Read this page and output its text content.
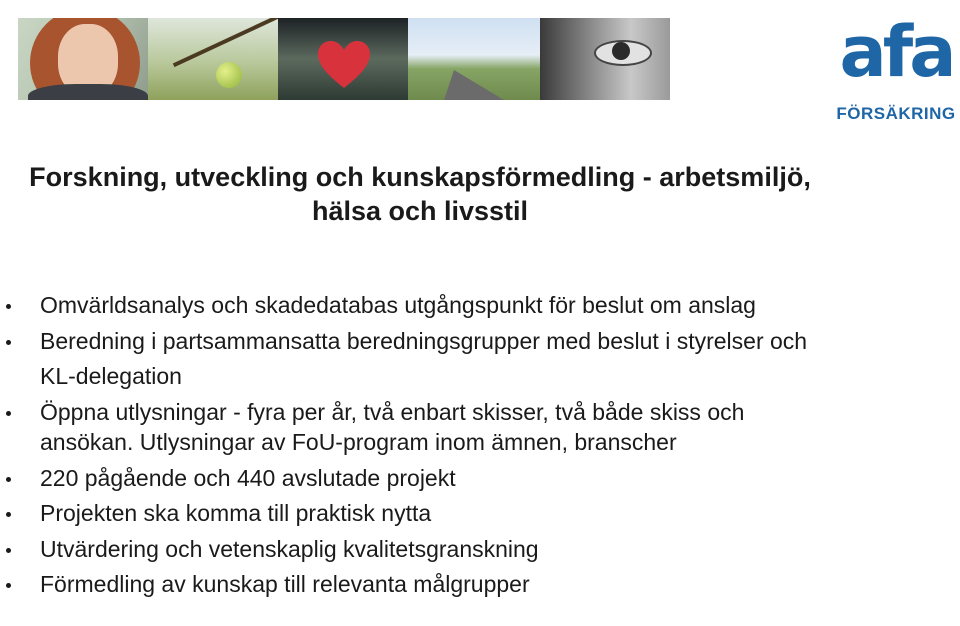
afa
FÖRSÄKRING
Forskning, utveckling och kunskapsförmedling - arbetsmiljö,
hälsa och livsstil
Omvärldsanalys och skadedatabas utgångspunkt för beslut om anslag
Beredning i partsammansatta beredningsgrupper med beslut i styrelser och
KL-delegation
Öppna utlysningar - fyra per år, två enbart skisser, två både skiss och
ansökan. Utlysningar av FoU-program inom ämnen, branscher
220 pågående och 440 avslutade projekt
Projekten ska komma till praktisk nytta
Utvärdering och vetenskaplig kvalitetsgranskning
Förmedling av kunskap till relevanta målgrupper
